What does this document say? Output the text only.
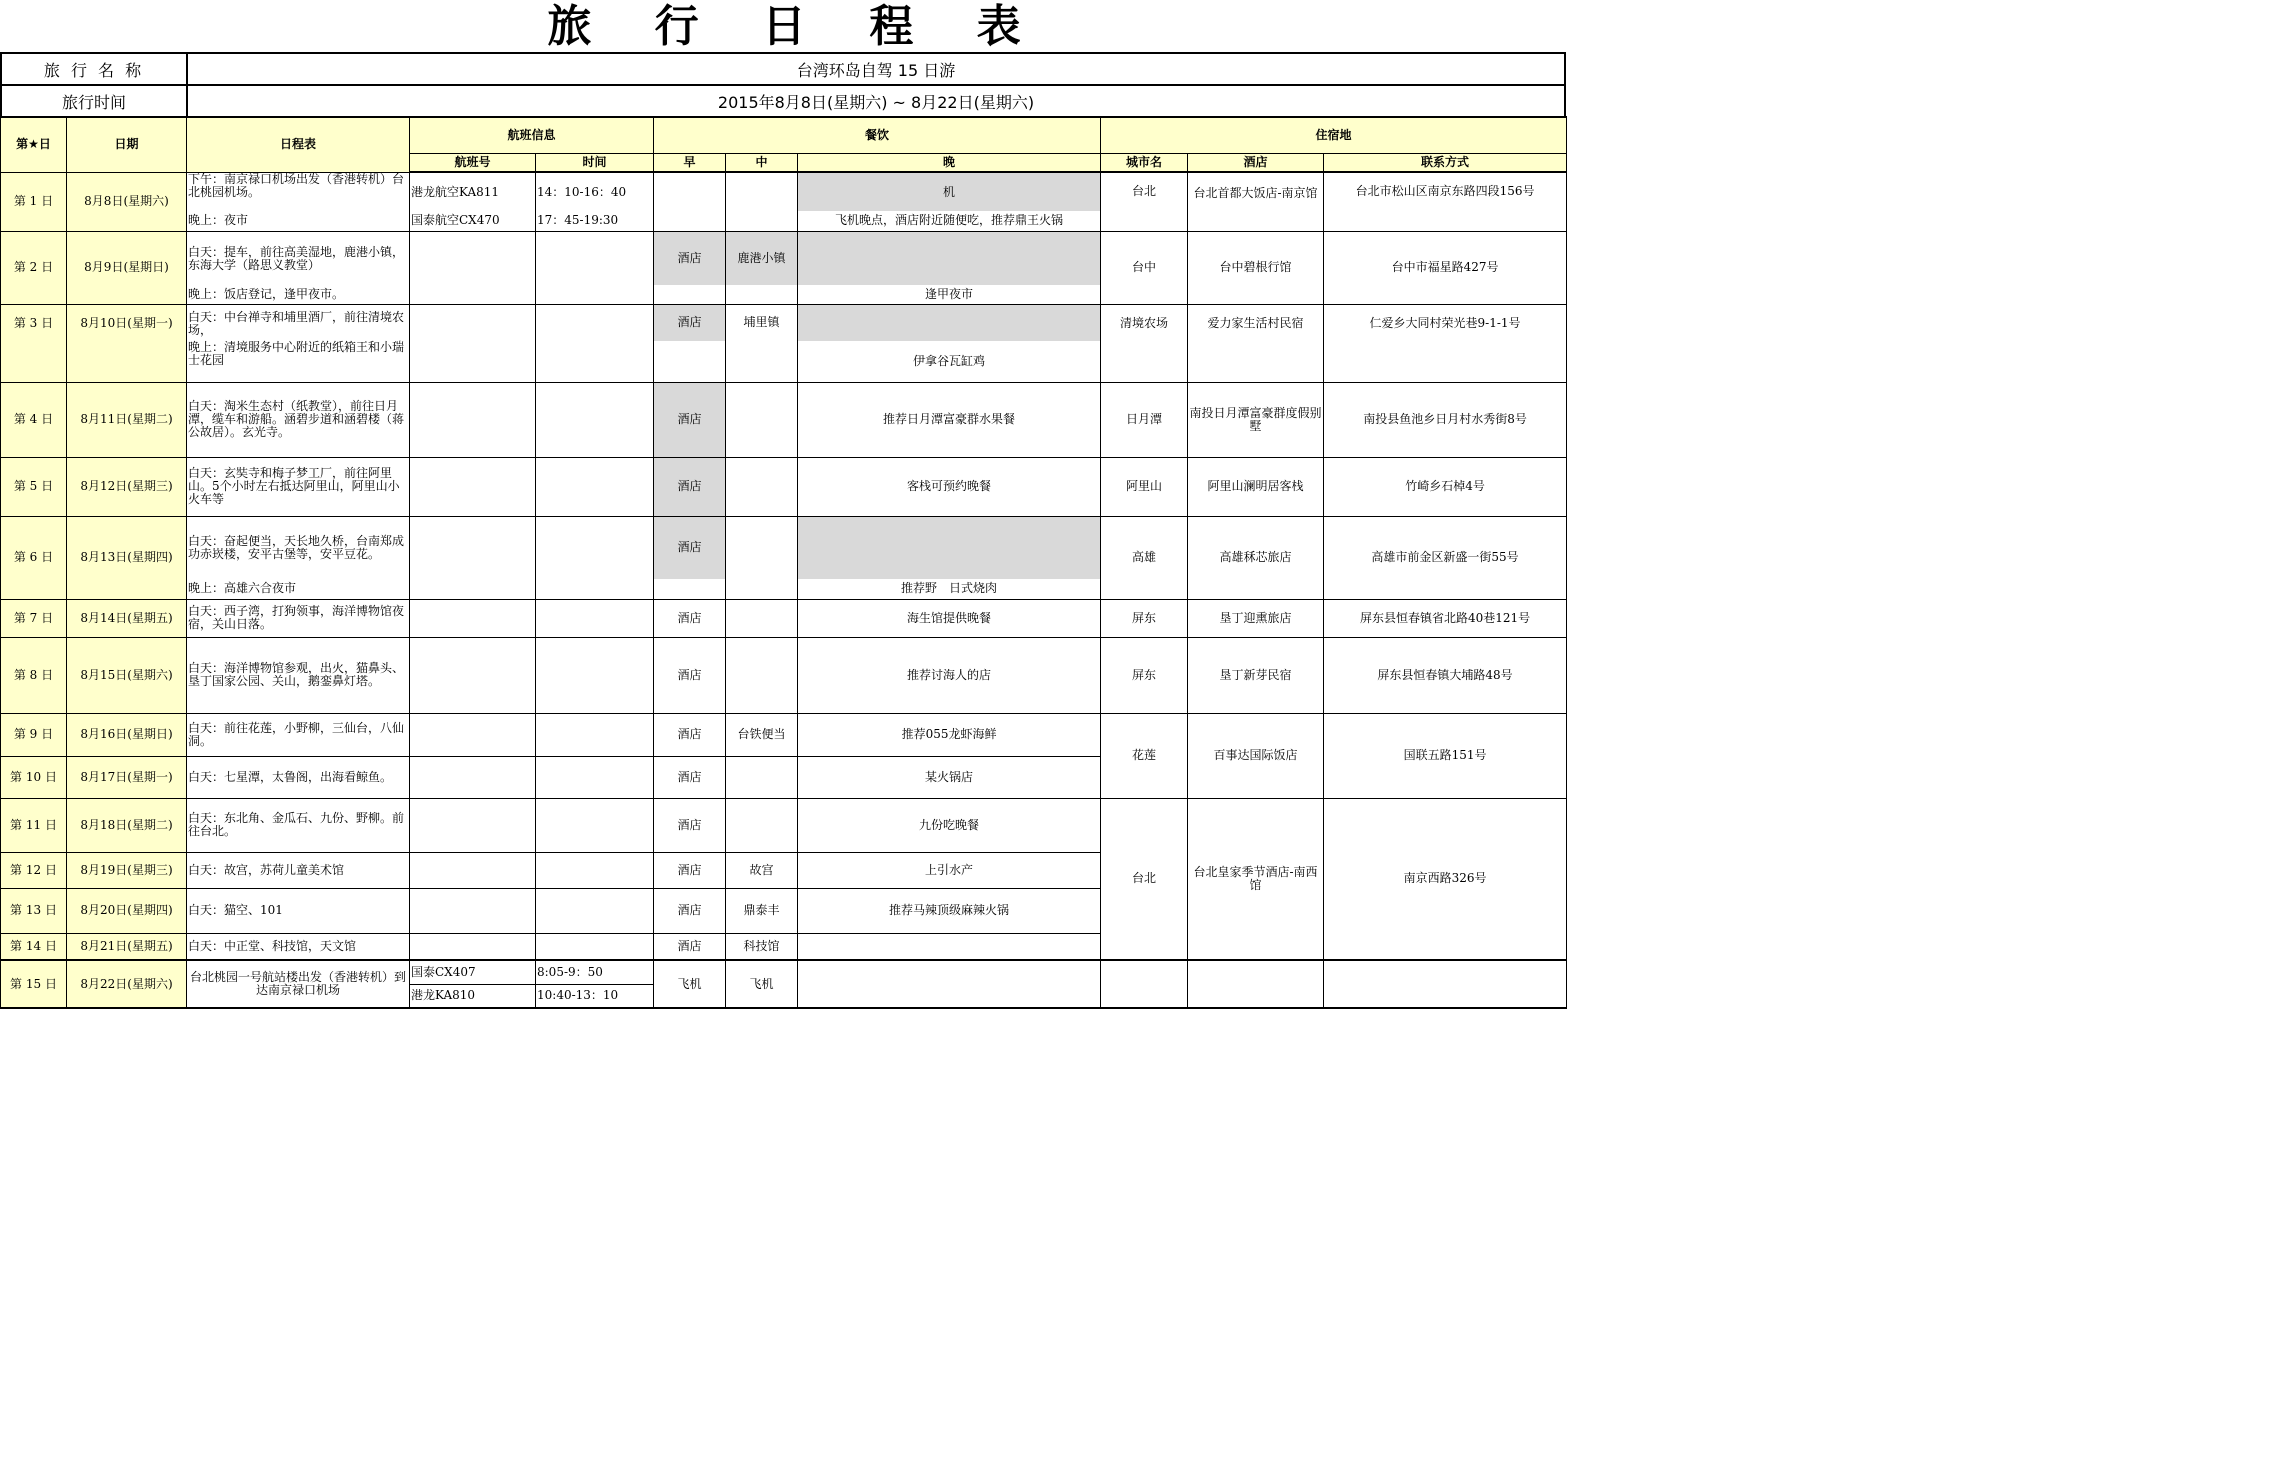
旅 行 日 程 表
旅 行 名 称	台湾环岛自驾 15 日游
旅行时间	2015年8月8日(星期六) ~ 8月22日(星期六)
第★日	日期	日程表	航班信息		餐饮			住宿地		
			航班号	时间	早	中	晚	城市名	酒店	联系方式
第 1 日	8月8日(星期六)	下午：南京禄口机场出发（香港转机）台北桃园机场。	港龙航空KA811	14：10-16：40			机	台北	台北首都大饭店-南京馆	台北市松山区南京东路四段156号
		晚上：夜市	国泰航空CX470	17：45-19:30			飞机晚点，酒店附近随便吃，推荐鼎王火锅			
第 2 日	8月9日(星期日)	白天：提车，前往高美湿地，鹿港小镇，东海大学（路思义教堂）			酒店	鹿港小镇		台中	台中碧根行馆	台中市福星路427号
		晚上：饭店登记，逢甲夜市。					逢甲夜市			
第 3 日	8月10日(星期一)	白天：中台禅寺和埔里酒厂，前往清境农场，			酒店	埔里镇		清境农场	爱力家生活村民宿	仁爱乡大同村荣光巷9-1-1号
		晚上：清境服务中心附近的纸箱王和小瑞士花园					伊拿谷瓦缸鸡			
第 4 日	8月11日(星期二)	白天：淘米生态村（纸教堂），前往日月潭，缆车和游船。涵碧步道和涵碧楼（蒋公故居）。玄光寺。			酒店		推荐日月潭富豪群水果餐	日月潭	南投日月潭富豪群度假别墅	南投县鱼池乡日月村水秀街8号
第 5 日	8月12日(星期三)	白天：玄奘寺和梅子梦工厂，前往阿里山。5个小时左右抵达阿里山，阿里山小火车等			酒店		客栈可预约晚餐	阿里山	阿里山澜明居客栈	竹崎乡石棹4号
第 6 日	8月13日(星期四)	白天：奋起便当，天长地久桥，台南郑成功赤崁楼，安平古堡等，安平豆花。			酒店			高雄	高雄秝芯旅店	高雄市前金区新盛一街55号
		晚上：高雄六合夜市					推荐野　日式烧肉			
第 7 日	8月14日(星期五)	白天：西子湾，打狗领事，海洋博物馆夜宿，关山日落。			酒店		海生馆提供晚餐	屏东	垦丁迎熏旅店	屏东县恒春镇省北路40巷121号
第 8 日	8月15日(星期六)	白天：海洋博物馆参观，出火，猫鼻头、垦丁国家公园、关山，鹅銮鼻灯塔。			酒店		推荐讨海人的店	屏东	垦丁新芽民宿	屏东县恒春镇大埔路48号
第 9 日	8月16日(星期日)	白天：前往花莲，小野柳，三仙台，八仙洞。			酒店	台铁便当	推荐055龙虾海鲜	花莲	百事达国际饭店	国联五路151号
第 10 日	8月17日(星期一)	白天：七星潭，太鲁阁，出海看鲸鱼。			酒店		某火锅店			
第 11 日	8月18日(星期二)	白天：东北角、金瓜石、九份、野柳。前往台北。			酒店		九份吃晚餐	台北	台北皇家季节酒店-南西馆	南京西路326号
第 12 日	8月19日(星期三)	白天：故宫，苏荷儿童美术馆			酒店	故宫	上引水产			
第 13 日	8月20日(星期四)	白天：猫空、101			酒店	鼎泰丰	推荐马辣顶级麻辣火锅			
第 14 日	8月21日(星期五)	白天：中正堂、科技馆，天文馆			酒店	科技馆				
第 15 日	8月22日(星期六)	台北桃园一号航站楼出发（香港转机）到达南京禄口机场	国泰CX407	8:05-9：50	飞机	飞机				
			港龙KA810	10:40-13：10						
